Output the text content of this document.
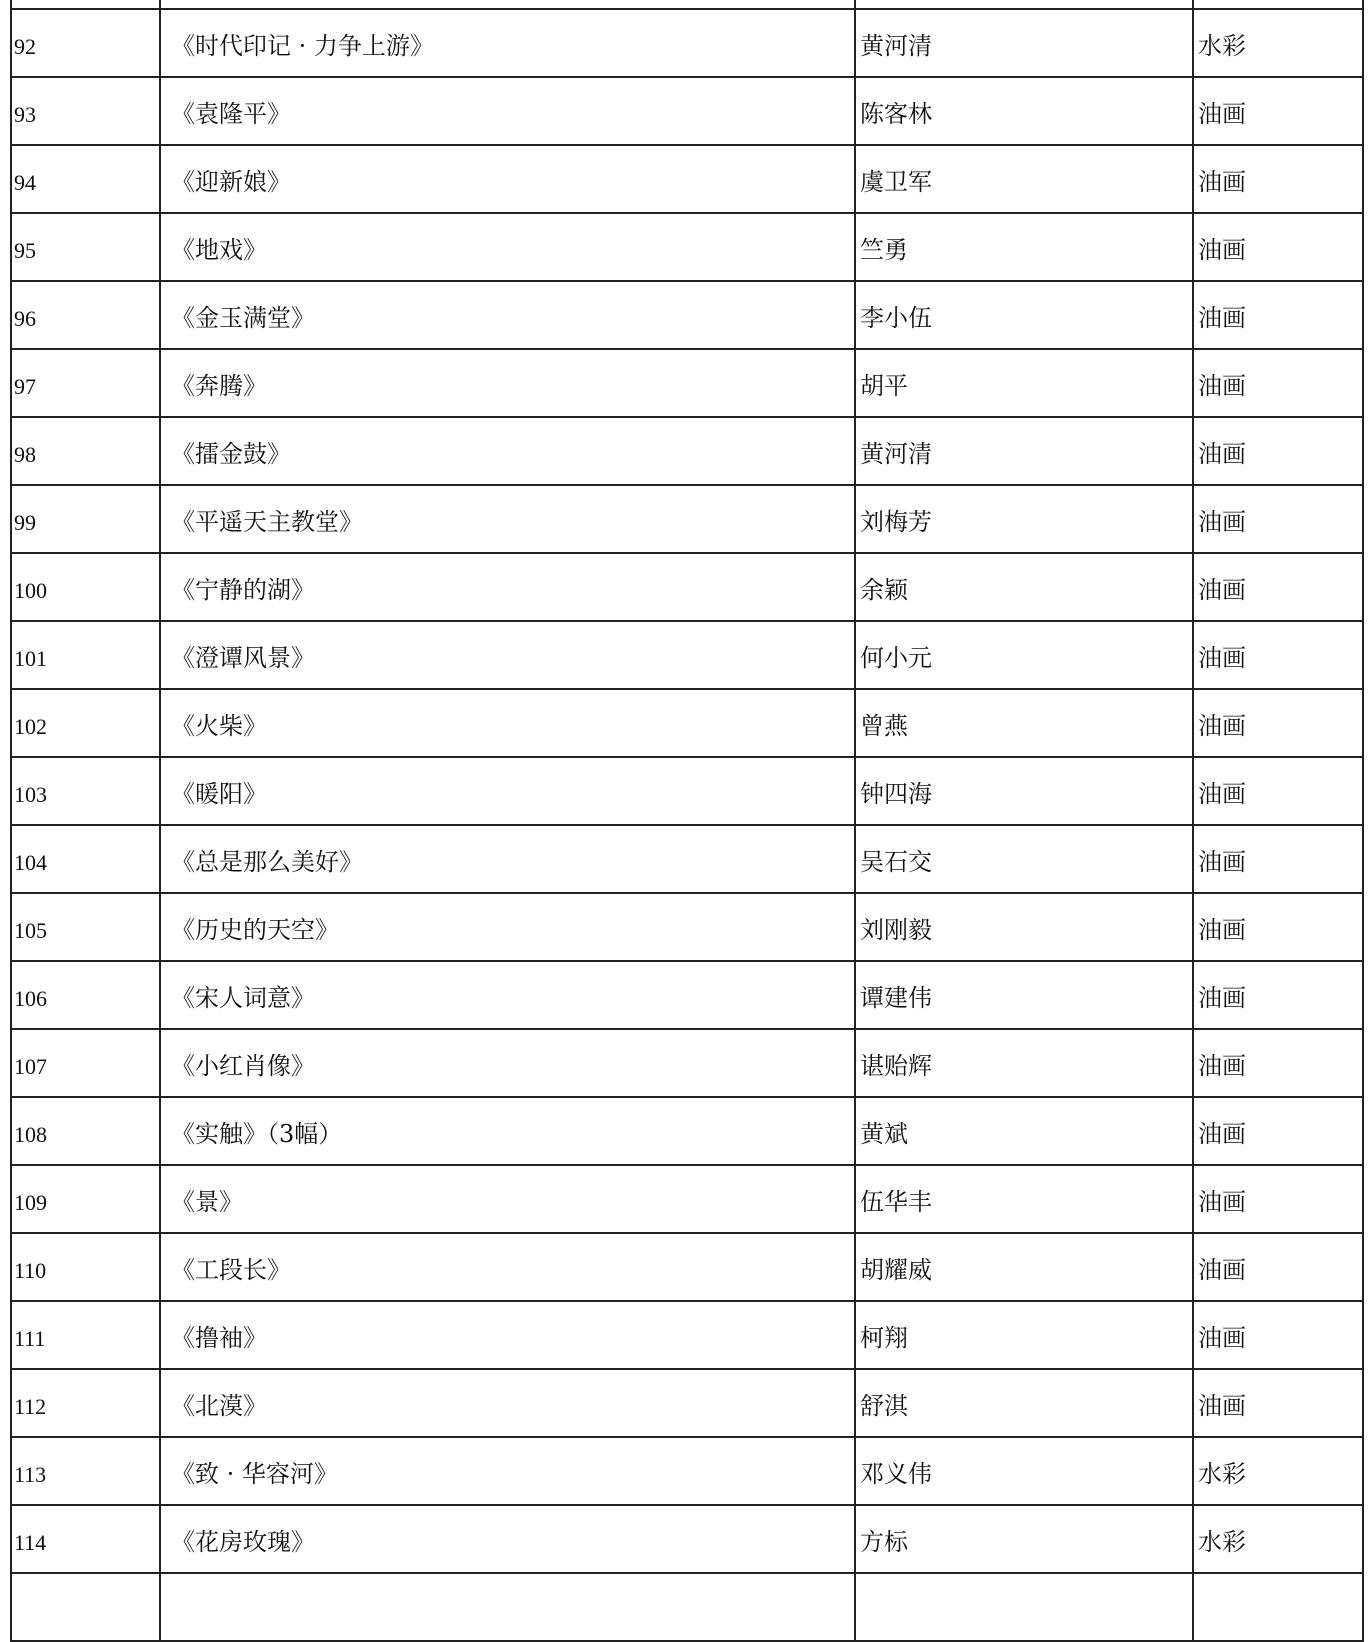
92	《时代印记 · 力争上游》	黄河清	水彩
93	《袁隆平》	陈客林	油画
94	《迎新娘》	虞卫军	油画
95	《地戏》	竺勇	油画
96	《金玉满堂》	李小伍	油画
97	《奔腾》	胡平	油画
98	《擂金鼓》	黄河清	油画
99	《平遥天主教堂》	刘梅芳	油画
100	《宁静的湖》	余颖	油画
101	《澄谭风景》	何小元	油画
102	《火柴》	曾燕	油画
103	《暖阳》	钟四海	油画
104	《总是那么美好》	吴石交	油画
105	《历史的天空》	刘刚毅	油画
106	《宋人词意》	谭建伟	油画
107	《小红肖像》	谌贻辉	油画
108	《实触》（3幅）	黄斌	油画
109	《景》	伍华丰	油画
110	《工段长》	胡耀威	油画
111	《撸袖》	柯翔	油画
112	《北漠》	舒淇	油画
113	《致 · 华容河》	邓义伟	水彩
114	《花房玫瑰》	方标	水彩
